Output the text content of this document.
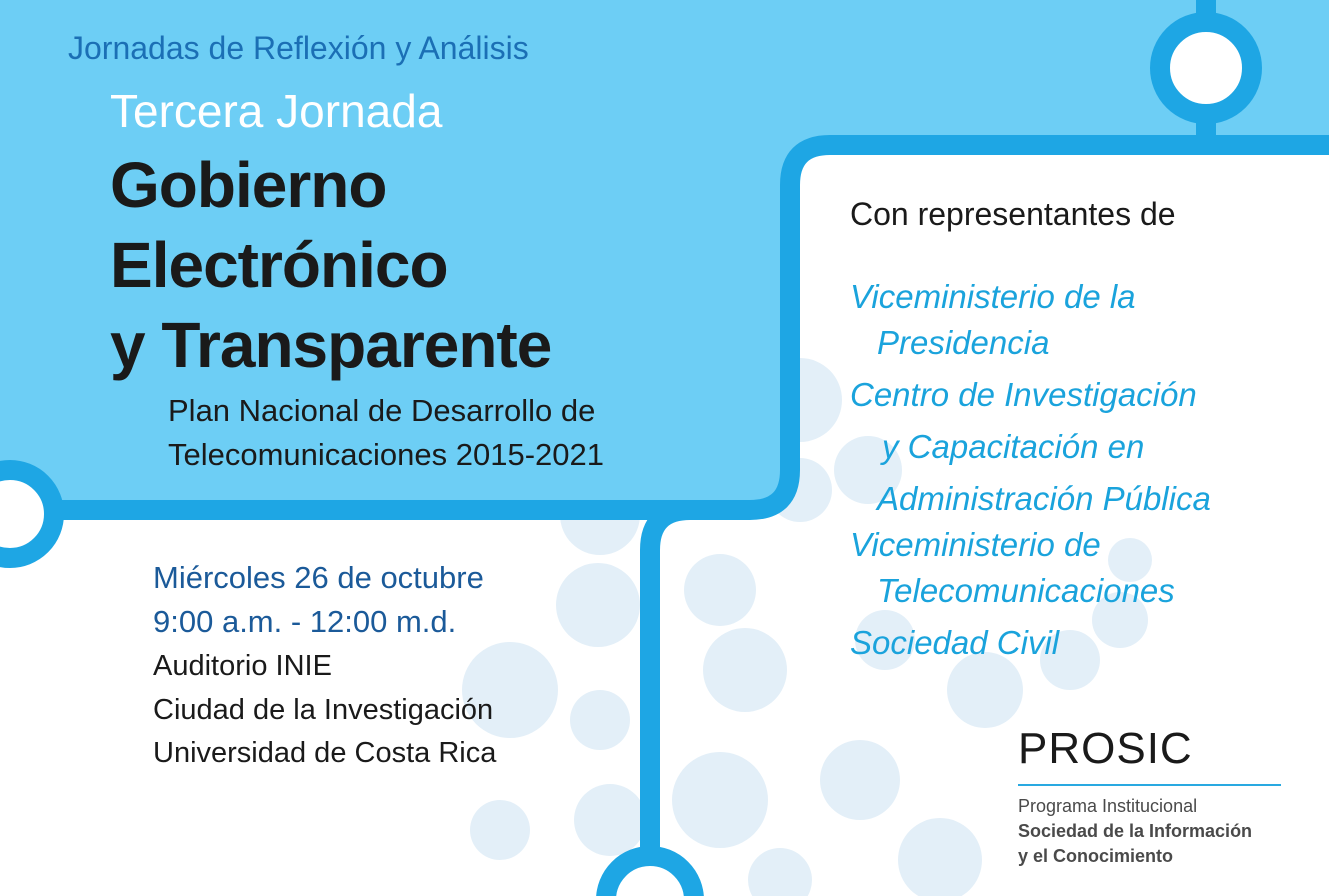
Jornadas de Reflexión y Análisis

Tercera Jornada

Gobierno

Electrónico

y Transparente

Plan Nacional de Desarrollo de

Telecomunicaciones 2015-2021

Miércoles 26 de octubre

9:00 a.m. - 12:00 m.d.

Auditorio INIE

Ciudad de la Investigación

Universidad de Costa Rica

Con representantes de

Viceministerio de la

Presidencia

Centro de Investigación

y Capacitación en

Administración Pública

Viceministerio de

Telecomunicaciones

Sociedad Civil

PROSIC

Programa Institucional

Sociedad de la Información

y el Conocimiento
